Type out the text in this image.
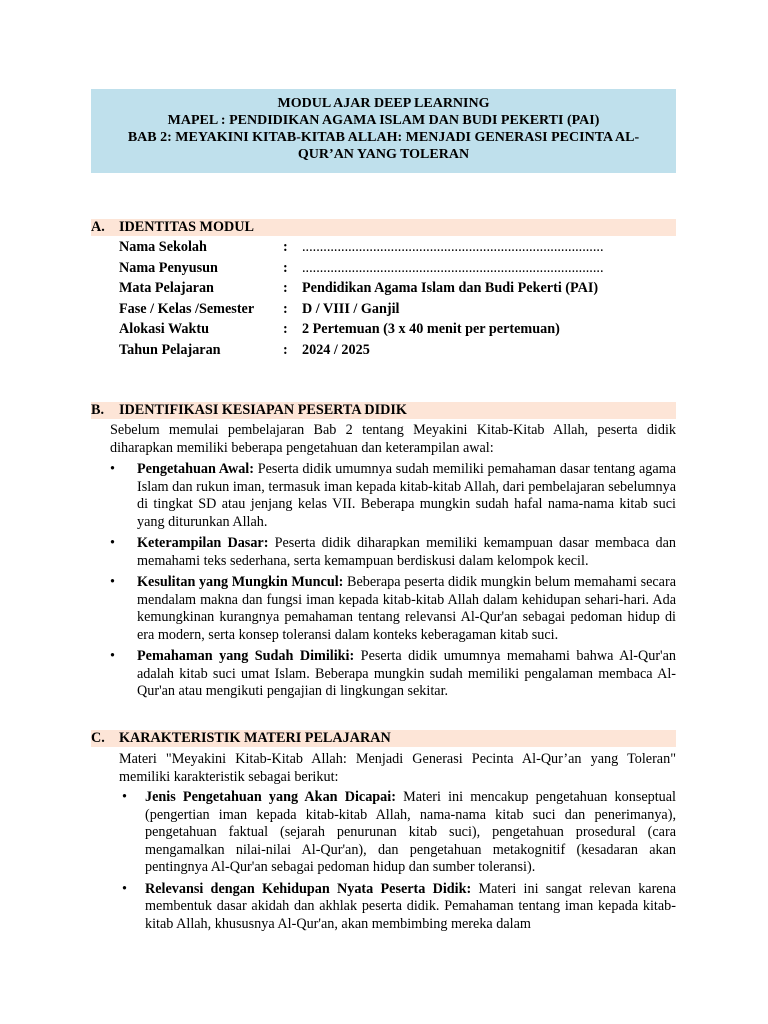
MODUL AJAR DEEP LEARNING
MAPEL : PENDIDIKAN AGAMA ISLAM DAN BUDI PEKERTI (PAI)
BAB 2: MEYAKINI KITAB-KITAB ALLAH: MENJADI GENERASI PECINTA AL-
QUR’AN YANG TOLERAN
A. IDENTITAS MODUL
Nama Sekolah	: .....................................................................................
Nama Penyusun	: .....................................................................................
Mata Pelajaran	: Pendidikan Agama Islam dan Budi Pekerti (PAI)
Fase / Kelas /Semester : D / VIII / Ganjil
Alokasi Waktu	: 2 Pertemuan (3 x 40 menit per pertemuan)
Tahun Pelajaran	: 2024 / 2025
B. IDENTIFIKASI KESIAPAN PESERTA DIDIK
Sebelum memulai pembelajaran Bab 2 tentang Meyakini Kitab-Kitab Allah, peserta didik diharapkan memiliki beberapa pengetahuan dan keterampilan awal:
• Pengetahuan Awal: Peserta didik umumnya sudah memiliki pemahaman dasar tentang agama Islam dan rukun iman, termasuk iman kepada kitab-kitab Allah, dari pembelajaran sebelumnya di tingkat SD atau jenjang kelas VII. Beberapa mungkin sudah hafal nama-nama kitab suci yang diturunkan Allah.
• Keterampilan Dasar: Peserta didik diharapkan memiliki kemampuan dasar membaca dan memahami teks sederhana, serta kemampuan berdiskusi dalam kelompok kecil.
• Kesulitan yang Mungkin Muncul: Beberapa peserta didik mungkin belum memahami secara mendalam makna dan fungsi iman kepada kitab-kitab Allah dalam kehidupan sehari-hari. Ada kemungkinan kurangnya pemahaman tentang relevansi Al-Qur'an sebagai pedoman hidup di era modern, serta konsep toleransi dalam konteks keberagaman kitab suci.
• Pemahaman yang Sudah Dimiliki: Peserta didik umumnya memahami bahwa Al-Qur'an adalah kitab suci umat Islam. Beberapa mungkin sudah memiliki pengalaman membaca Al-Qur'an atau mengikuti pengajian di lingkungan sekitar.
C. KARAKTERISTIK MATERI PELAJARAN
Materi "Meyakini Kitab-Kitab Allah: Menjadi Generasi Pecinta Al-Qur’an yang Toleran" memiliki karakteristik sebagai berikut:
• Jenis Pengetahuan yang Akan Dicapai: Materi ini mencakup pengetahuan konseptual (pengertian iman kepada kitab-kitab Allah, nama-nama kitab suci dan penerimanya), pengetahuan faktual (sejarah penurunan kitab suci), pengetahuan prosedural (cara mengamalkan nilai-nilai Al-Qur'an), dan pengetahuan metakognitif (kesadaran akan pentingnya Al-Qur'an sebagai pedoman hidup dan sumber toleransi).
• Relevansi dengan Kehidupan Nyata Peserta Didik: Materi ini sangat relevan karena membentuk dasar akidah dan akhlak peserta didik. Pemahaman tentang iman kepada kitab-kitab Allah, khususnya Al-Qur'an, akan membimbing mereka dalam
